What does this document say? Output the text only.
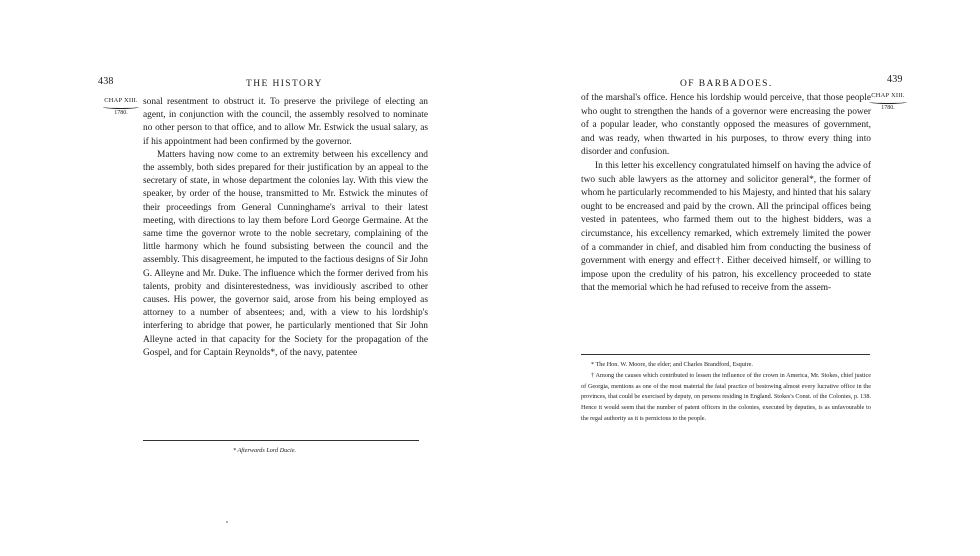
438	THE HISTORY
CHAP XIII.
1780.

sonal resentment to obstruct it. To preserve the privilege of electing an agent, in conjunction with the council, the assembly resolved to nominate no other person to that office, and to allow Mr. Estwick the usual salary, as if his appointment had been confirmed by the governor.

Matters having now come to an extremity between his excellency and the assembly, both sides prepared for their justification by an appeal to the secretary of state, in whose department the colonies lay. With this view the speaker, by order of the house, transmitted to Mr. Estwick the minutes of their proceedings from General Cunninghame's arrival to their latest meeting, with directions to lay them before Lord George Germaine. At the same time the governor wrote to the noble secretary, complaining of the little harmony which he found subsisting between the council and the assembly. This disagreement, he imputed to the factious designs of Sir John G. Alleyne and Mr. Duke. The influence which the former derived from his talents, probity and disinterestedness, was invidiously ascribed to other causes. His power, the governor said, arose from his being employed as attorney to a number of absentees; and, with a view to his lordship's interfering to abridge that power, he particularly mentioned that Sir John Alleyne acted in that capacity for the Society for the propagation of the Gospel, and for Captain Reynolds*, of the navy, patentee

* Afterwards Lord Ducie.
OF BARBADOES.	439
CHAP XIII.
1780.

of the marshal's office. Hence his lordship would perceive, that those people who ought to strengthen the hands of a governor were encreasing the power of a popular leader, who constantly opposed the measures of government, and was ready, when thwarted in his purposes, to throw every thing into disorder and confusion.

In this letter his excellency congratulated himself on having the advice of two such able lawyers as the attorney and solicitor general*, the former of whom he particularly recommended to his Majesty, and hinted that his salary ought to be encreased and paid by the crown. All the principal offices being vested in patentees, who farmed them out to the highest bidders, was a circumstance, his excellency remarked, which extremely limited the power of a commander in chief, and disabled him from conducting the business of government with energy and effect†. Either deceived himself, or willing to impose upon the credulity of his patron, his excellency proceeded to state that the memorial which he had refused to receive from the assem-

* The Hon. W. Moore, the elder; and Charles Brandford, Esquire.

† Among the causes which contributed to lessen the influence of the crown in America, Mr. Stokes, chief justice of Georgia, mentions as one of the most material the fatal practice of bestowing almost every lucrative office in the provinces, that could be exercised by deputy, on persons residing in England. Stokes's Const. of the Colonies, p. 138. Hence it would seem that the number of patent officers in the colonies, executed by deputies, is as unfavourable to the regal authority as it is pernicious to the people.
